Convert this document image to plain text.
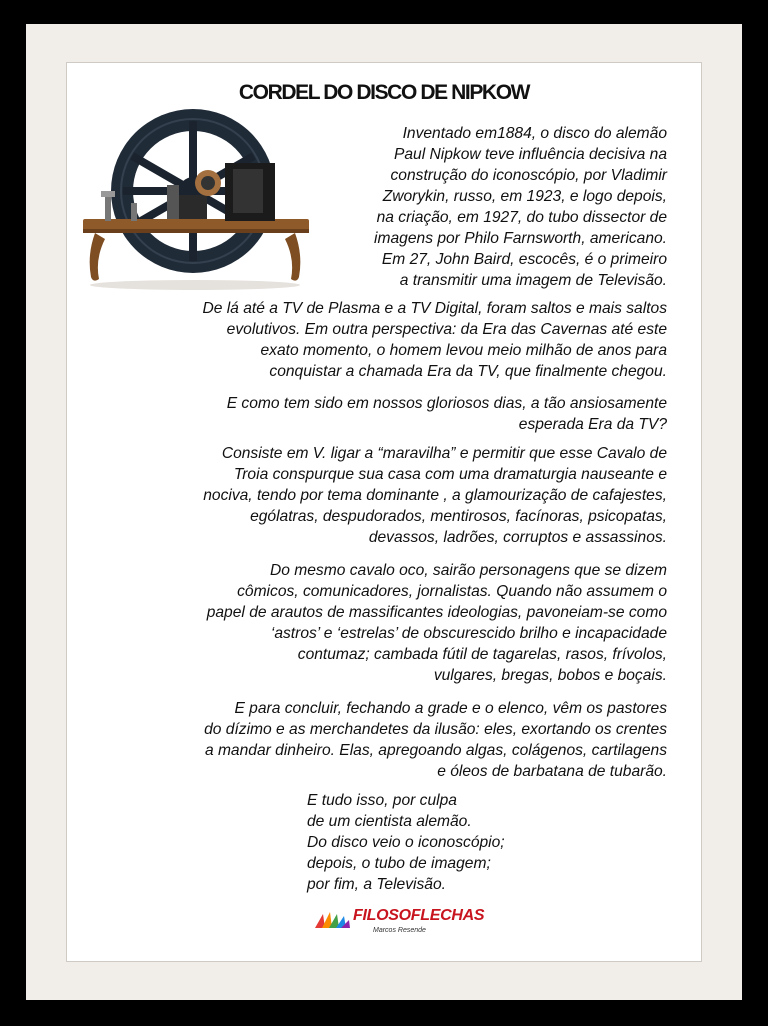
CORDEL DO DISCO DE NIPKOW
Inventado em1884, o disco do alemão
Paul Nipkow teve influência decisiva na
construção do iconoscópio, por Vladimir
Zworykin, russo, em 1923, e logo depois,
na criação, em 1927, do tubo dissector de
imagens por Philo Farnsworth, americano.
Em 27, John Baird, escocês, é o primeiro
a transmitir uma imagem de Televisão.
De lá até a TV de Plasma e a TV Digital, foram saltos e mais saltos
evolutivos. Em outra perspectiva: da Era das Cavernas até este
exato momento, o homem levou meio milhão de anos para
conquistar a chamada Era da TV, que finalmente chegou.
E como tem sido em nossos gloriosos dias, a tão ansiosamente
esperada Era da TV?
Consiste em V. ligar a “maravilha” e permitir que esse Cavalo de
Troia conspurque sua casa com uma dramaturgia nauseante e
nociva, tendo por tema dominante , a glamourização de cafajestes,
ególatras, despudorados, mentirosos, facínoras, psicopatas,
devassos, ladrões, corruptos e assassinos.
Do mesmo cavalo oco, sairão personagens que se dizem
cômicos, comunicadores, jornalistas. Quando não assumem o
papel de arautos de massificantes ideologias, pavoneiam-se como
‘astros’ e ‘estrelas’ de obscurescido brilho e incapacidade
contumaz; cambada fútil de tagarelas, rasos, frívolos,
vulgares, bregas, bobos e boçais.
E para concluir, fechando a grade e o elenco, vêm os pastores
do dízimo e as merchandetes da ilusão: eles, exortando os crentes
a mandar dinheiro. Elas, apregoando algas, colágenos, cartilagens
e óleos de barbatana de tubarão.
E tudo isso, por culpa
de um cientista alemão.
Do disco veio o iconoscópio;
depois, o tubo de imagem;
por fim, a Televisão.
FILOSOFLECHAS
Marcos Resende
